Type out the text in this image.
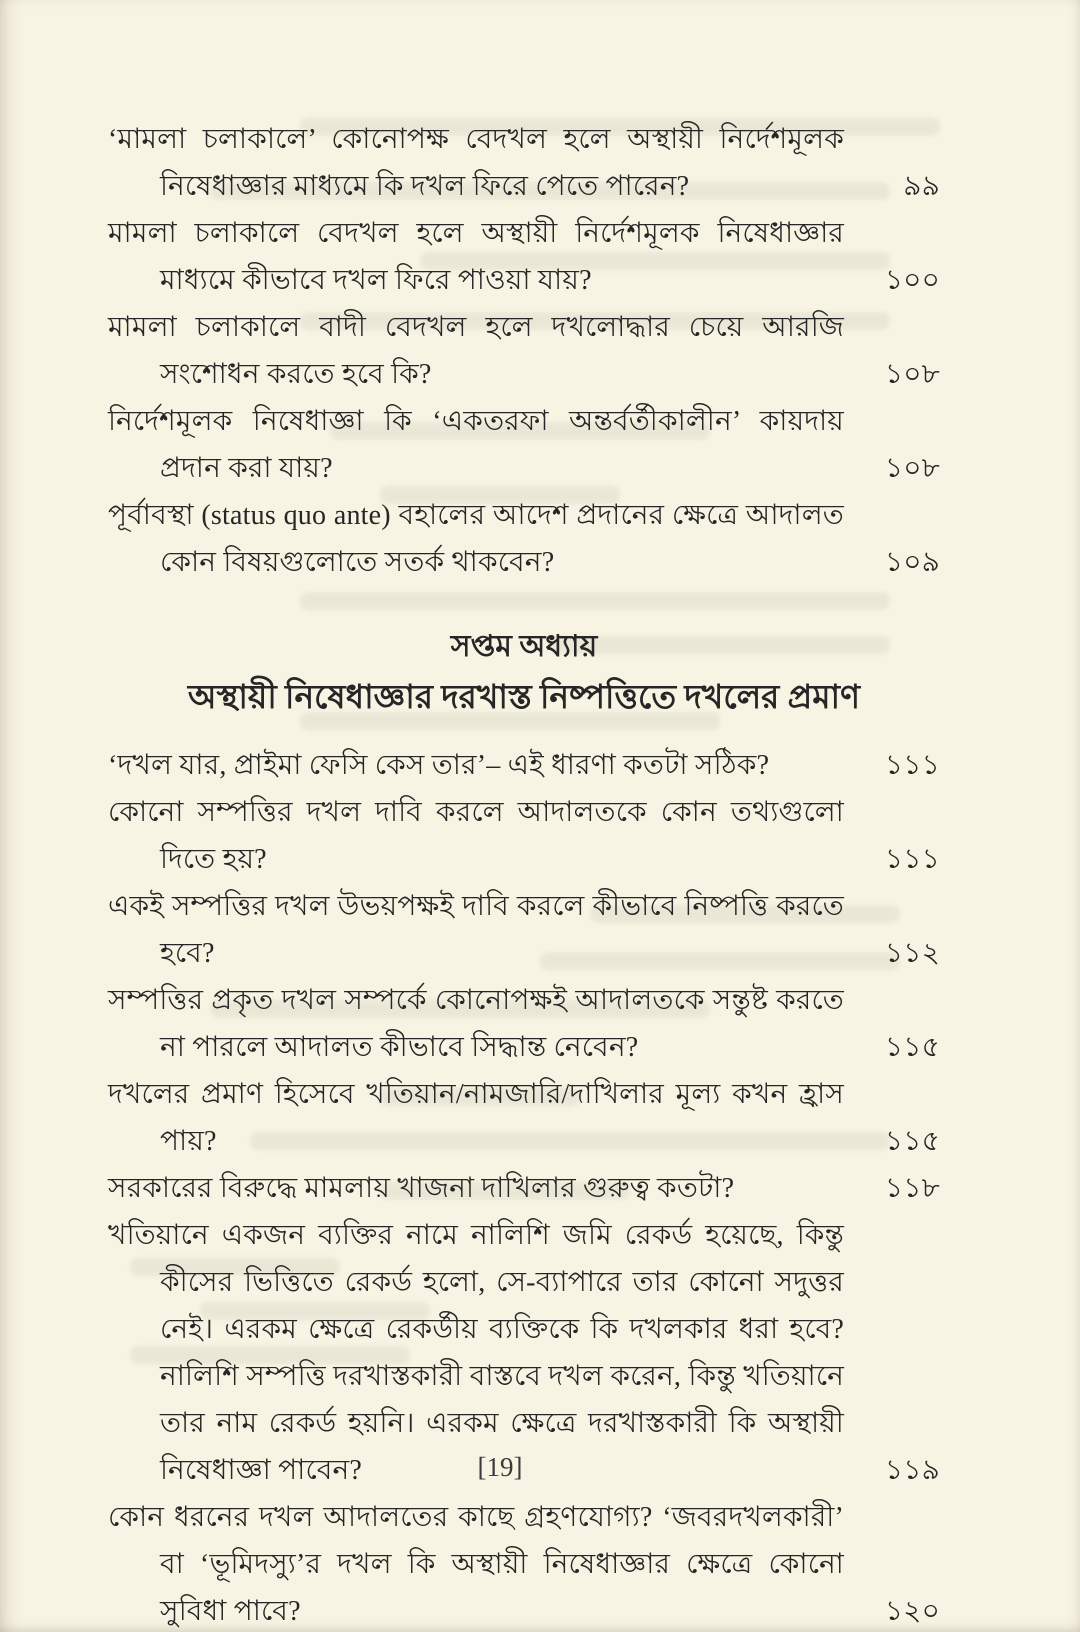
‘মামলা চলাকালে’ কোনোপক্ষ বেদখল হলে অস্থায়ী নির্দেশমূলক নিষেধাজ্ঞার মাধ্যমে কি দখল ফিরে পেতে পারেন?	৯৯
মামলা চলাকালে বেদখল হলে অস্থায়ী নির্দেশমূলক নিষেধাজ্ঞার মাধ্যমে কীভাবে দখল ফিরে পাওয়া যায়?	১০০
মামলা চলাকালে বাদী বেদখল হলে দখলোদ্ধার চেয়ে আরজি সংশোধন করতে হবে কি?	১০৮
নির্দেশমূলক নিষেধাজ্ঞা কি ‘একতরফা অন্তর্বর্তীকালীন’ কায়দায় প্রদান করা যায়?	১০৮
পূর্বাবস্থা (status quo ante) বহালের আদেশ প্রদানের ক্ষেত্রে আদালত কোন বিষয়গুলোতে সতর্ক থাকবেন?	১০৯
সপ্তম অধ্যায়
অস্থায়ী নিষেধাজ্ঞার দরখাস্ত নিষ্পত্তিতে দখলের প্রমাণ
‘দখল যার, প্রাইমা ফেসি কেস তার’– এই ধারণা কতটা সঠিক?	১১১
কোনো সম্পত্তির দখল দাবি করলে আদালতকে কোন তথ্যগুলো দিতে হয়?	১১১
একই সম্পত্তির দখল উভয়পক্ষই দাবি করলে কীভাবে নিষ্পত্তি করতে হবে?	১১২
সম্পত্তির প্রকৃত দখল সম্পর্কে কোনোপক্ষই আদালতকে সন্তুষ্ট করতে না পারলে আদালত কীভাবে সিদ্ধান্ত নেবেন?	১১৫
দখলের প্রমাণ হিসেবে খতিয়ান/নামজারি/দাখিলার মূল্য কখন হ্রাস পায়?	১১৫
সরকারের বিরুদ্ধে মামলায় খাজনা দাখিলার গুরুত্ব কতটা?	১১৮
খতিয়ানে একজন ব্যক্তির নামে নালিশি জমি রেকর্ড হয়েছে, কিন্তু কীসের ভিত্তিতে রেকর্ড হলো, সে-ব্যাপারে তার কোনো সদুত্তর নেই। এরকম ক্ষেত্রে রেকর্ডীয় ব্যক্তিকে কি দখলকার ধরা হবে? নালিশি সম্পত্তি দরখাস্তকারী বাস্তবে দখল করেন, কিন্তু খতিয়ানে তার নাম রেকর্ড হয়নি। এরকম ক্ষেত্রে দরখাস্তকারী কি অস্থায়ী নিষেধাজ্ঞা পাবেন?	১১৯
কোন ধরনের দখল আদালতের কাছে গ্রহণযোগ্য? ‘জবরদখলকারী’ বা ‘ভূমিদস্যু’র দখল কি অস্থায়ী নিষেধাজ্ঞার ক্ষেত্রে কোনো সুবিধা পাবে?	১২০
[19]
